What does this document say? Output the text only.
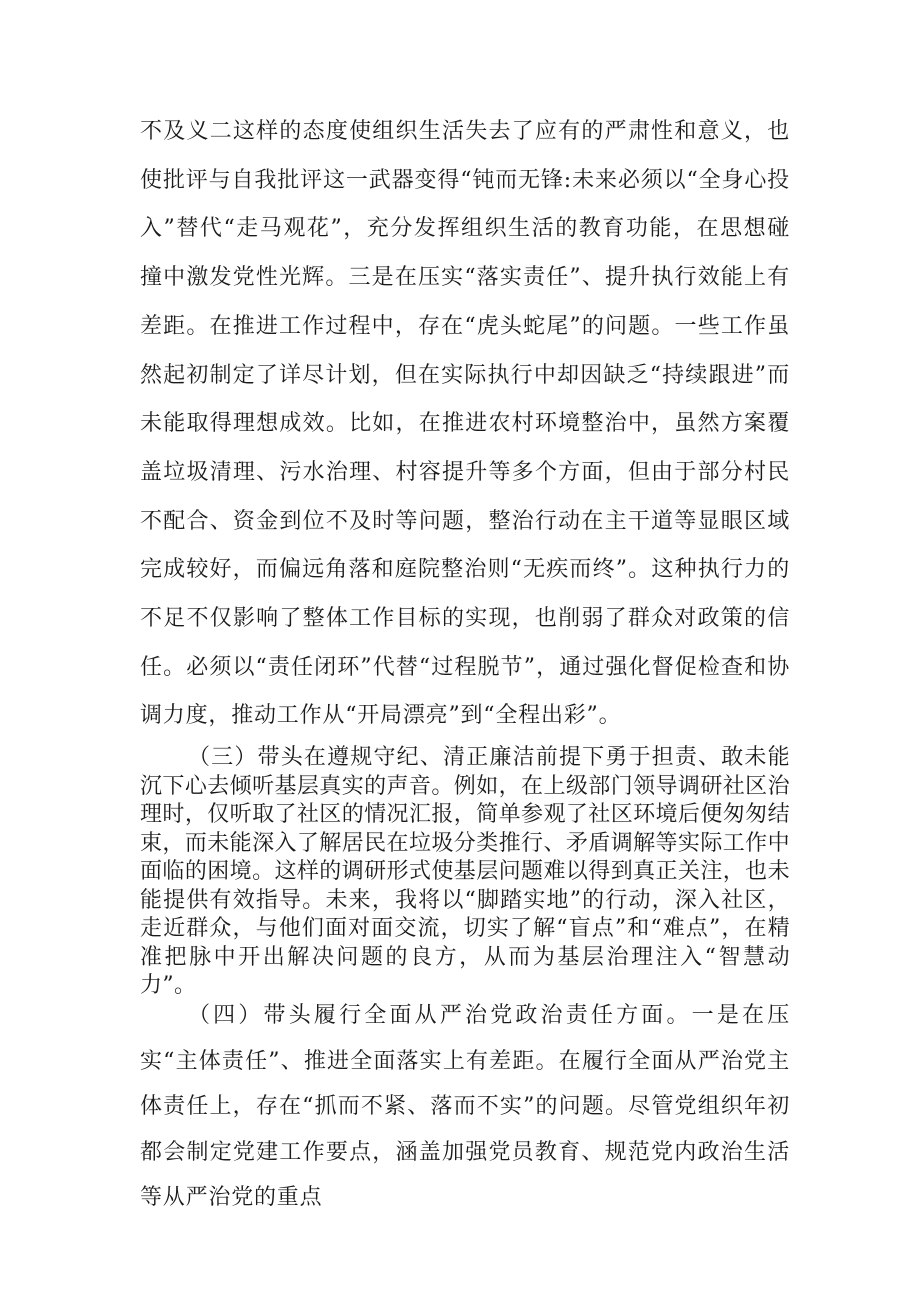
不及义二这样的态度使组织生活失去了应有的严肃性和意义，也使批评与自我批评这一武器变得“钝而无锋:未来必须以“全身心投入”替代“走马观花”，充分发挥组织生活的教育功能，在思想碰撞中激发党性光辉。三是在压实“落实责任”、提升执行效能上有差距。在推进工作过程中，存在“虎头蛇尾”的问题。一些工作虽然起初制定了详尽计划，但在实际执行中却因缺乏“持续跟进”而未能取得理想成效。比如，在推进农村环境整治中，虽然方案覆盖垃圾清理、污水治理、村容提升等多个方面，但由于部分村民不配合、资金到位不及时等问题，整治行动在主干道等显眼区域完成较好，而偏远角落和庭院整治则“无疾而终”。这种执行力的不足不仅影响了整体工作目标的实现，也削弱了群众对政策的信任。必须以“责任闭环”代替“过程脱节”，通过强化督促检查和协调力度，推动工作从“开局漂亮”到“全程出彩”。

（三）带头在遵规守纪、清正廉洁前提下勇于担责、敢未能沉下心去倾听基层真实的声音。例如，在上级部门领导调研社区治理时，仅听取了社区的情况汇报，简单参观了社区环境后便匆匆结束，而未能深入了解居民在垃圾分类推行、矛盾调解等实际工作中面临的困境。这样的调研形式使基层问题难以得到真正关注，也未能提供有效指导。未来，我将以“脚踏实地”的行动，深入社区，走近群众，与他们面对面交流，切实了解“盲点”和“难点”，在精准把脉中开出解决问题的良方，从而为基层治理注入“智慧动力”。

（四）带头履行全面从严治党政治责任方面。一是在压实“主体责任”、推进全面落实上有差距。在履行全面从严治党主体责任上，存在“抓而不紧、落而不实”的问题。尽管党组织年初都会制定党建工作要点，涵盖加强党员教育、规范党内政治生活等从严治党的重点
